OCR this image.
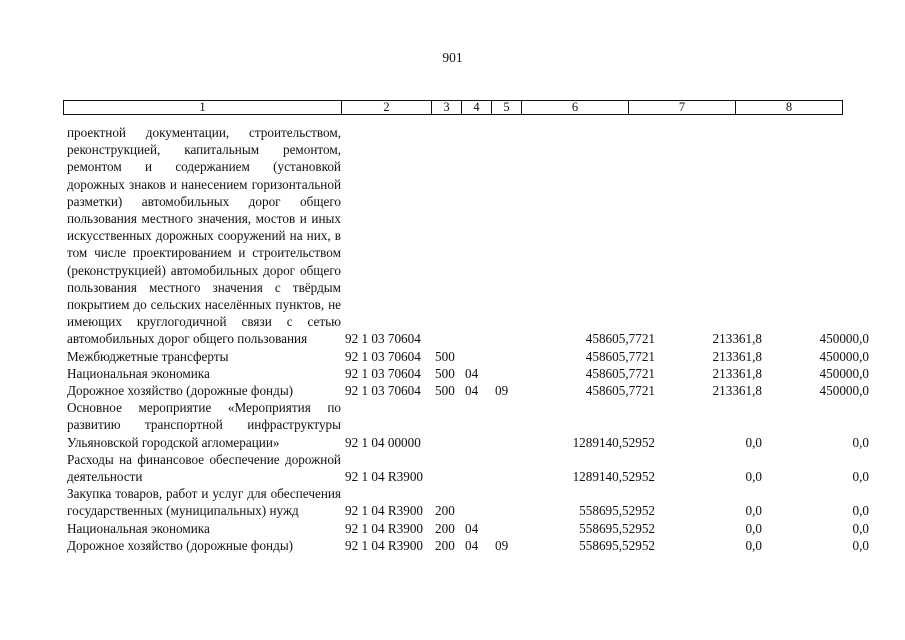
901
1	2	3	4	5	6	7	8
проектной документации, строительством, реконструкцией, капитальным ремонтом, ремонтом и содержанием (установкой дорожных знаков и нанесением горизонтальной разметки) автомобильных дорог общего пользования местного значения, мостов и иных искусственных дорожных сооружений на них, в том числе проектированием и строительством (реконструкцией) автомобильных дорог общего пользования местного значения с твёрдым покрытием до сельских населённых пунктов, не имеющих круглогодичной связи с сетью автомобильных дорог общего пользования	92 1 03 70604				458605,7721	213361,8	450000,0
Межбюджетные трансферты	92 1 03 70604	500			458605,7721	213361,8	450000,0
Национальная экономика	92 1 03 70604	500	04		458605,7721	213361,8	450000,0
Дорожное хозяйство (дорожные фонды)	92 1 03 70604	500	04	09	458605,7721	213361,8	450000,0
Основное мероприятие «Мероприятия по развитию транспортной инфраструктуры Ульяновской городской агломерации»	92 1 04 00000				1289140,52952	0,0	0,0
Расходы на финансовое обеспечение дорожной деятельности	92 1 04 R3900				1289140,52952	0,0	0,0
Закупка товаров, работ и услуг для обеспечения государственных (муниципальных) нужд	92 1 04 R3900	200			558695,52952	0,0	0,0
Национальная экономика	92 1 04 R3900	200	04		558695,52952	0,0	0,0
Дорожное хозяйство (дорожные фонды)	92 1 04 R3900	200	04	09	558695,52952	0,0	0,0
